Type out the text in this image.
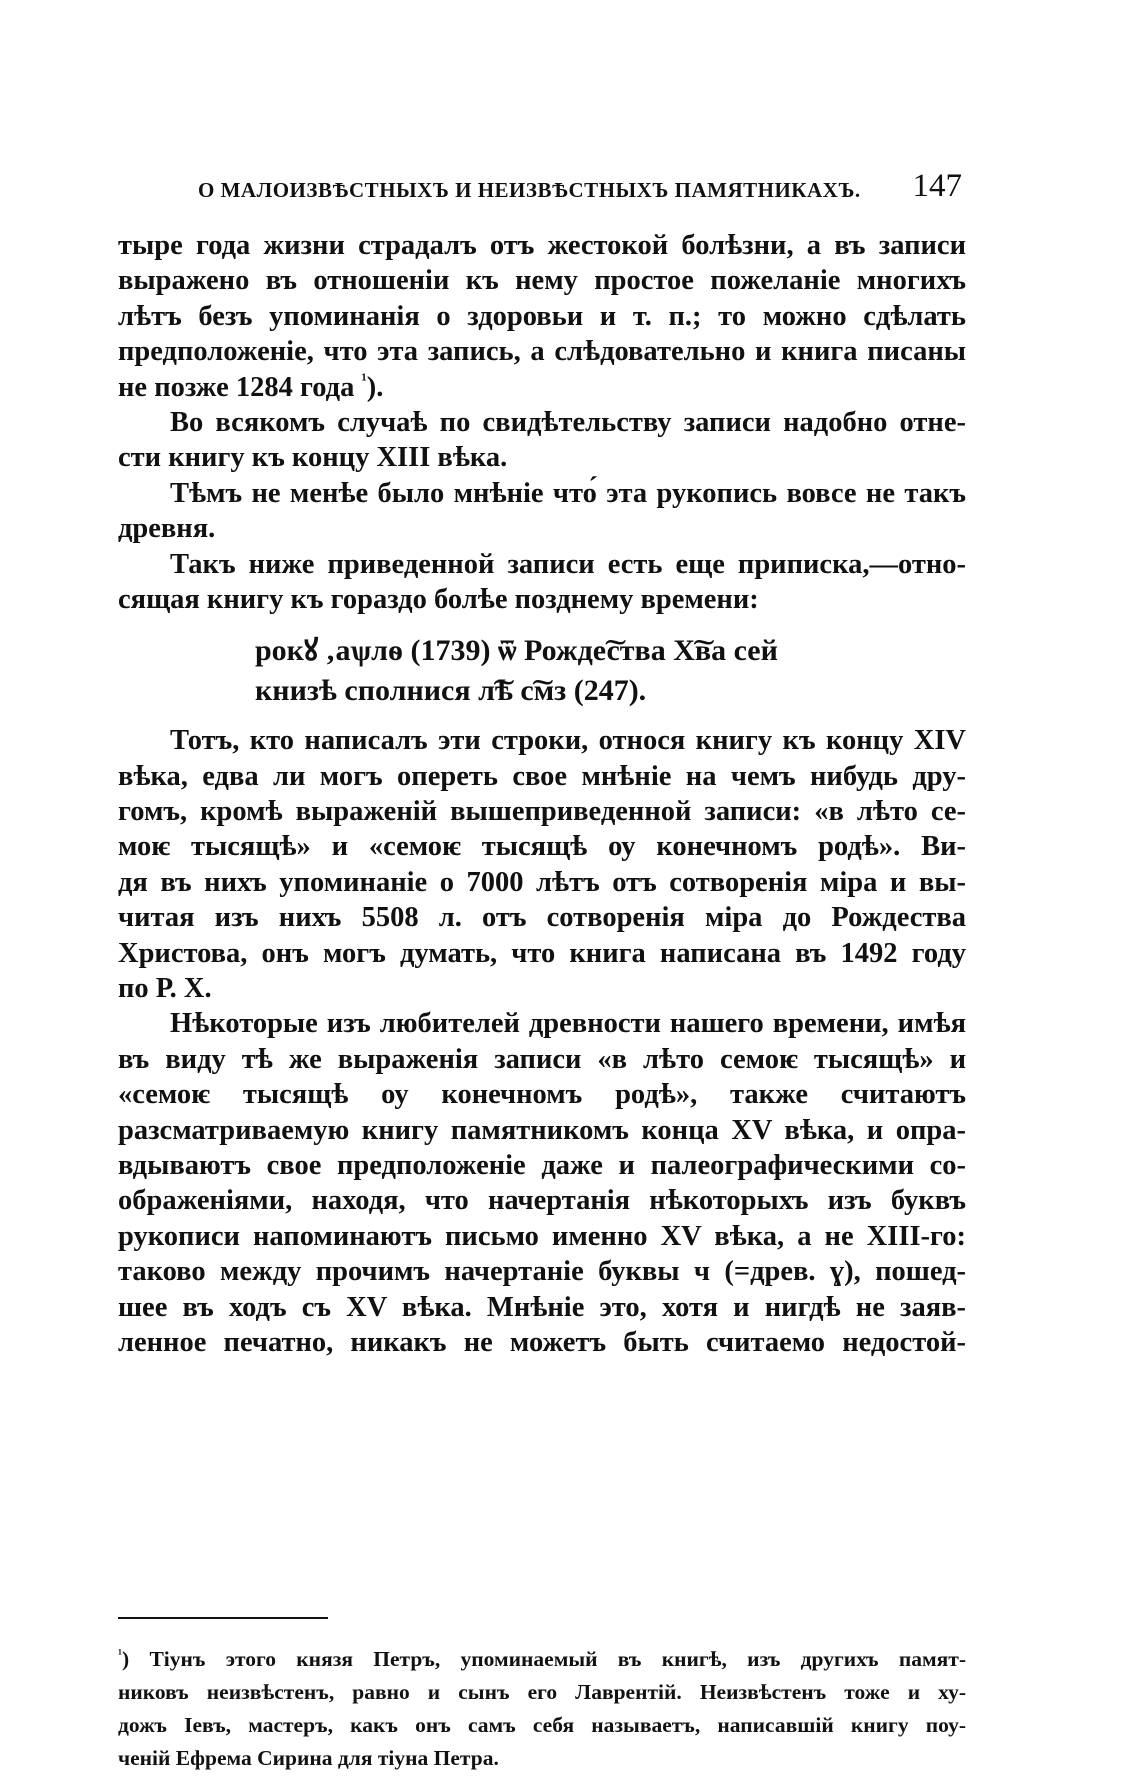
О МАЛОИЗВѢСТНЫХЪ И НЕИЗВѢСТНЫХЪ ПАМЯТНИКАХЪ. 147
тыре года жизни страдалъ отъ жестокой болѣзни, а въ записи
выражено въ отношеніи къ нему простое пожеланіе многихъ
лѣтъ безъ упоминанія о здоровьи и т. п.; то можно сдѣлать
предположеніе, что эта запись, а слѣдовательно и книга писаны
не позже 1284 года $^{^1}$).
Во всякомъ случаѣ по свидѣтельству записи надобно отне-
сти книгу къ концу XIII вѣка.
Тѣмъ не менѣе было мнѣніе что́ эта рукопись вовсе не такъ
древня.
Такъ ниже приведенной записи есть еще приписка,—отно-
сящая книгу къ гораздо болѣе позднему времени:
рокꙋ ‚аѱлѳ (1739) ѿ Рожде͠ства Х͠ва сей
книзѣ сполнися л͠ѣ с͠мз (247).
Тотъ, кто написалъ эти строки, относя книгу къ концу XIV
вѣка, едва ли могъ опереть свое мнѣніе на чемъ нибудь дру-
гомъ, кромѣ выраженій вышеприведенной записи: «в лѣто се-
моѥ тысящѣ» и «семоѥ тысящѣ оу конечномъ родѣ». Ви-
дя въ нихъ упоминаніе о 7000 лѣтъ отъ сотворенія міра и вы-
читая изъ нихъ 5508 л. отъ сотворенія міра до Рождества
Христова, онъ могъ думать, что книга написана въ 1492 году
по Р. Х.
Нѣкоторые изъ любителей древности нашего времени, имѣя
въ виду тѣ же выраженія записи «в лѣто семоѥ тысящѣ» и
«семоѥ тысящѣ оу конечномъ родѣ», также считаютъ
разсматриваемую книгу памятникомъ конца XV вѣка, и опра-
вдываютъ свое предположеніе даже и палеографическими со-
ображеніями, находя, что начертанія нѣкоторыхъ изъ буквъ
рукописи напоминаютъ письмо именно XV вѣка, а не XIII-го:
таково между прочимъ начертаніе буквы ч (=древ. ɣ), пошед-
шее въ ходъ съ XV вѣка. Мнѣніе это, хотя и нигдѣ не заяв-
ленное печатно, никакъ не можетъ быть считаемо недостой-
$^{^1}$) Тіунъ этого князя Петръ, упоминаемый въ книгѣ, изъ другихъ памят-
никовъ неизвѣстенъ, равно и сынъ его Лаврентій. Неизвѣстенъ тоже и ху-
дожъ Іевъ, мастеръ, какъ онъ самъ себя называетъ, написавшій книгу поу-
ченій Ефрема Сирина для тіуна Петра.
